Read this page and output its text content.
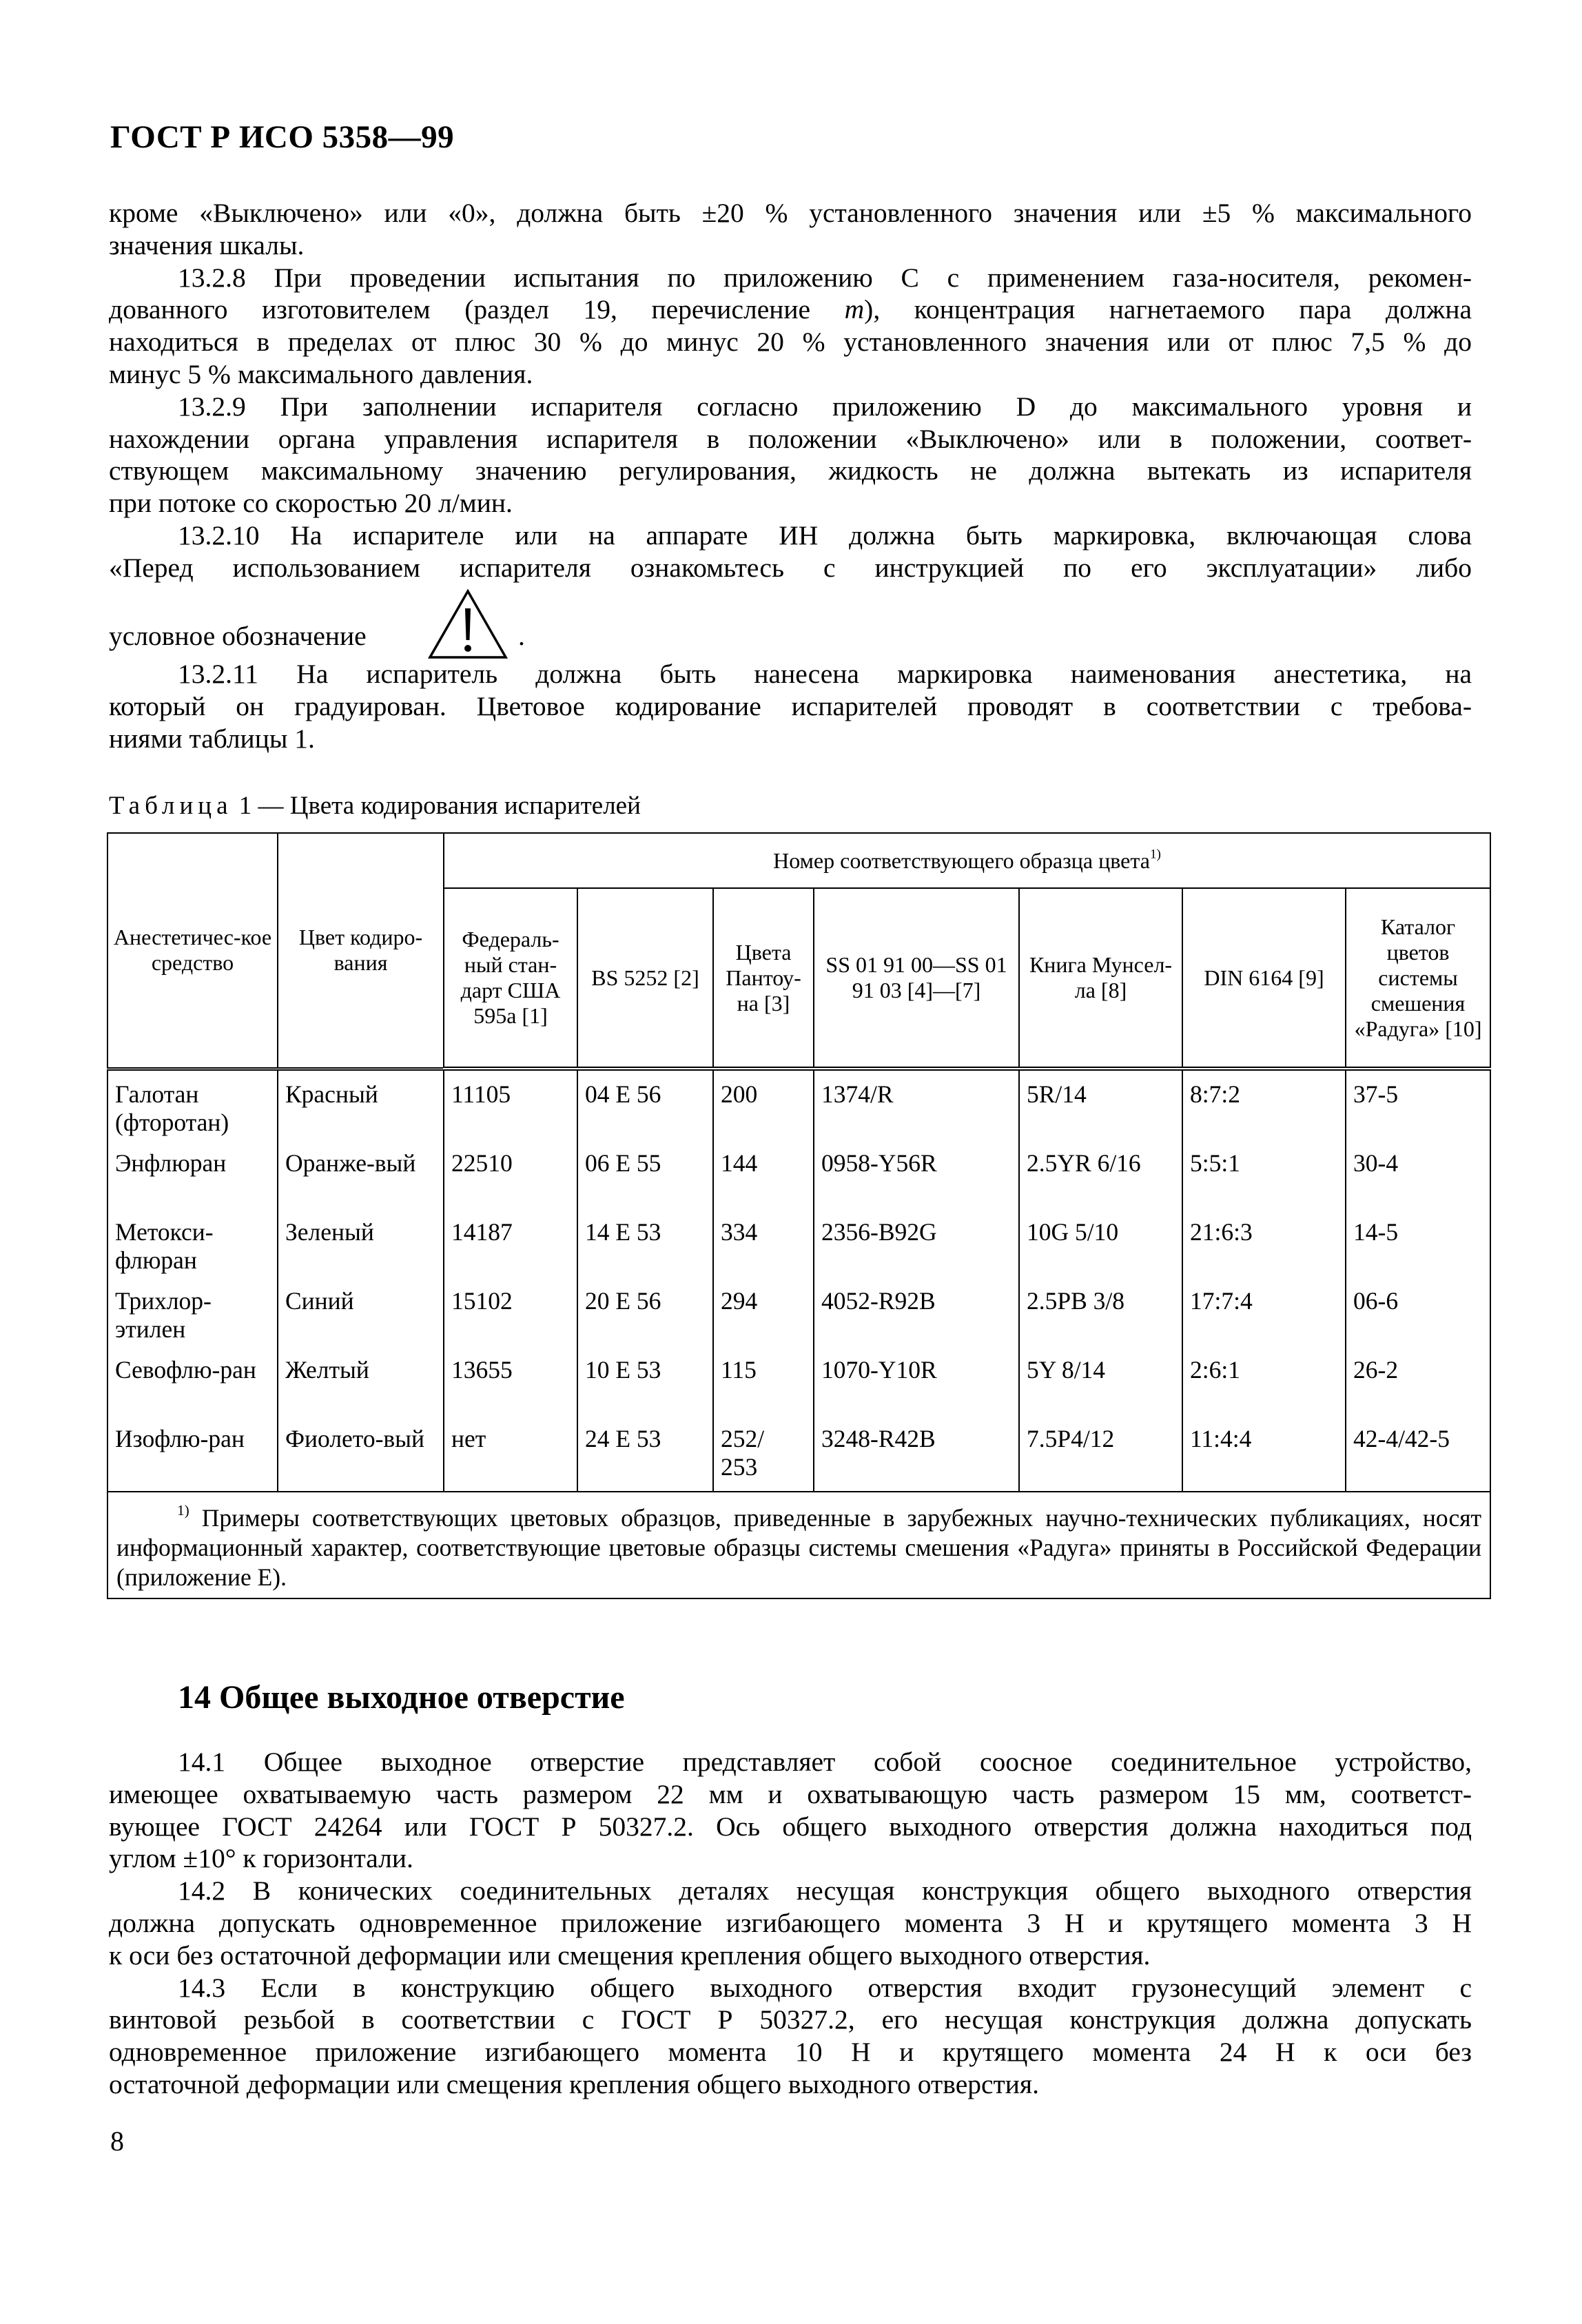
ГОСТ Р ИСО 5358—99
кроме «Выключено» или «0», должна быть ±20 % установленного значения или ±5 % максимального
значения шкалы.
13.2.8 При проведении испытания по приложению С с применением газа-носителя, рекомен-
дованного изготовителем (раздел 19, перечисление m), концентрация нагнетаемого пара должна
находиться в пределах от плюс 30 % до минус 20 % установленного значения или от плюс 7,5 % до
минус 5 % максимального давления.
13.2.9 При заполнении испарителя согласно приложению D до максимального уровня и
нахождении органа управления испарителя в положении «Выключено» или в положении, соответ-
ствующем максимальному значению регулирования, жидкость не должна вытекать из испарителя
при потоке со скоростью 20 л/мин.
13.2.10 На испарителе или на аппарате ИН должна быть маркировка, включающая слова
«Перед использованием испарителя ознакомьтесь с инструкцией по его эксплуатации» либо
условное обозначение	.
13.2.11 На испаритель должна быть нанесена маркировка наименования анестетика, на
который он градуирован. Цветовое кодирование испарителей проводят в соответствии с требова-
ниями таблицы 1.
Таблица 1 — Цвета кодирования испарителей
Анестетичес-кое средство	Цвет кодиро-вания	Номер соответствующего образца цвета$^{1)}$
		Федераль-ный стан-дарт США 595а [1]	BS 5252 [2]	Цвета Пантоу-на [3]	SS 01 91 00—SS 01 91 03 [4]—[7]	Книга Мунсел-ла [8]	DIN 6164 [9]	Каталог цветов системы смешения «Радуга» [10]
Галотан (фторотан)	Красный	11105	04 E 56	200	1374/R	5R/14	8:7:2	37-5
Энфлюран	Оранже-вый	22510	06 E 55	144	0958-Y56R	2.5YR 6/16	5:5:1	30-4
Метокси-флюран	Зеленый	14187	14 E 53	334	2356-B92G	10G 5/10	21:6:3	14-5
Трихлор-этилен	Синий	15102	20 E 56	294	4052-R92B	2.5PB 3/8	17:7:4	06-6
Севофлю-ран	Желтый	13655	10 E 53	115	1070-Y10R	5Y 8/14	2:6:1	26-2
Изофлю-ран	Фиолето-вый	нет	24 E 53	252/ 253	3248-R42B	7.5P4/12	11:4:4	42-4/42-5
$^{1)}$ Примеры соответствующих цветовых образцов, приведенные в зарубежных научно-технических публикациях, носят информационный характер, соответствующие цветовые образцы системы смешения «Радуга» приняты в Российской Федерации (приложение Е).								
14 Общее выходное отверстие
14.1 Общее выходное отверстие представляет собой соосное соединительное устройство,
имеющее охватываемую часть размером 22 мм и охватывающую часть размером 15 мм, соответст-
вующее ГОСТ 24264 или ГОСТ Р 50327.2. Ось общего выходного отверстия должна находиться под
углом ±10° к горизонтали.
14.2 В конических соединительных деталях несущая конструкция общего выходного отверстия
должна допускать одновременное приложение изгибающего момента 3 Н и крутящего момента 3 Н
к оси без остаточной деформации или смещения крепления общего выходного отверстия.
14.3 Если в конструкцию общего выходного отверстия входит грузонесущий элемент с
винтовой резьбой в соответствии с ГОСТ Р 50327.2, его несущая конструкция должна допускать
одновременное приложение изгибающего момента 10 Н и крутящего момента 24 Н к оси без
остаточной деформации или смещения крепления общего выходного отверстия.
8
